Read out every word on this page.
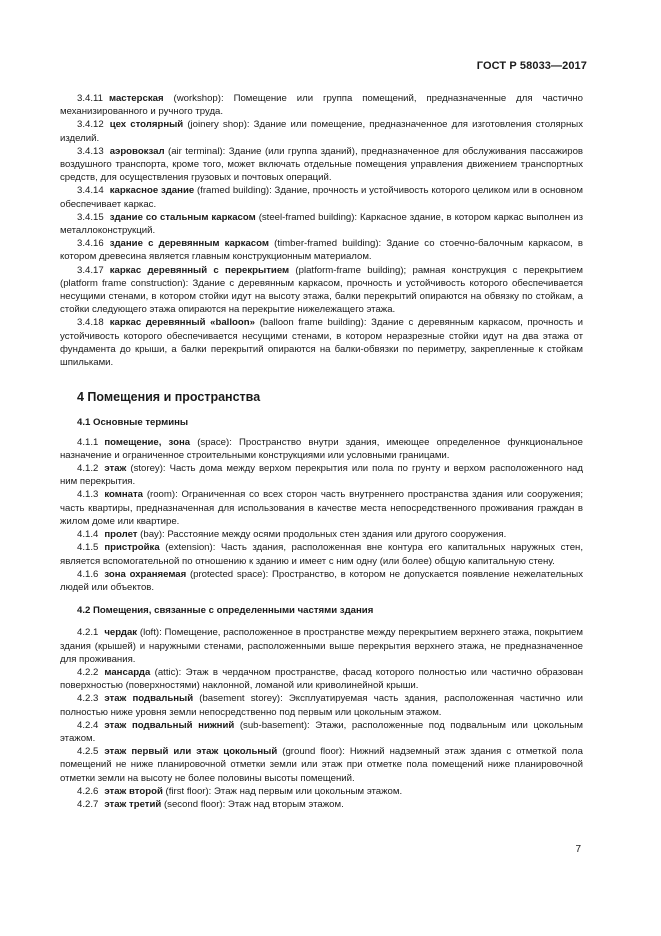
ГОСТ Р 58033—2017

3.4.11 мастерская (workshop): Помещение или группа помещений, предназначенные для частично механизированного и ручного труда.

3.4.12 цех столярный (joinery shop): Здание или помещение, предназначенное для изготовления столярных изделий.

3.4.13 аэровокзал (air terminal): Здание (или группа зданий), предназначенное для обслуживания пассажиров воздушного транспорта, кроме того, может включать отдельные помещения управления движением транспортных средств, для осуществления грузовых и почтовых операций.

3.4.14 каркасное здание (framed building): Здание, прочность и устойчивость которого целиком или в основном обеспечивает каркас.

3.4.15 здание со стальным каркасом (steel-framed building): Каркасное здание, в котором каркас выполнен из металлоконструкций.

3.4.16 здание с деревянным каркасом (timber-framed building): Здание со стоечно-балочным каркасом, в котором древесина является главным конструкционным материалом.

3.4.17 каркас деревянный с перекрытием (platform-frame building); рамная конструкция с перекрытием (platform frame construction): Здание с деревянным каркасом, прочность и устойчивость которого обеспечивается несущими стенами, в котором стойки идут на высоту этажа, балки перекрытий опираются на обвязку по стойкам, а стойки следующего этажа опираются на перекрытие нижележащего этажа.

3.4.18 каркас деревянный «balloon» (balloon frame building): Здание с деревянным каркасом, прочность и устойчивость которого обеспечивается несущими стенами, в котором неразрезные стойки идут на два этажа от фундамента до крыши, а балки перекрытий опираются на балки-обвязки по периметру, закрепленные к стойкам шпильками.

4 Помещения и пространства
4.1 Основные термины

4.1.1 помещение, зона (space): Пространство внутри здания, имеющее определенное функциональное назначение и ограниченное строительными конструкциями или условными границами.

4.1.2 этаж (storey): Часть дома между верхом перекрытия или пола по грунту и верхом расположенного над ним перекрытия.

4.1.3 комната (room): Ограниченная со всех сторон часть внутреннего пространства здания или сооружения; часть квартиры, предназначенная для использования в качестве места непосредственного проживания граждан в жилом доме или квартире.

4.1.4 пролет (bay): Расстояние между осями продольных стен здания или другого сооружения.

4.1.5 пристройка (extension): Часть здания, расположенная вне контура его капитальных наружных стен, является вспомогательной по отношению к зданию и имеет с ним одну (или более) общую капитальную стену.

4.1.6 зона охраняемая (protected space): Пространство, в котором не допускается появление нежелательных людей или объектов.

4.2 Помещения, связанные с определенными частями здания

4.2.1 чердак (loft): Помещение, расположенное в пространстве между перекрытием верхнего этажа, покрытием здания (крышей) и наружными стенами, расположенными выше перекрытия верхнего этажа, не предназначенное для проживания.

4.2.2 мансарда (attic): Этаж в чердачном пространстве, фасад которого полностью или частично образован поверхностью (поверхностями) наклонной, ломаной или криволинейной крыши.

4.2.3 этаж подвальный (basement storey): Эксплуатируемая часть здания, расположенная частично или полностью ниже уровня земли непосредственно под первым или цокольным этажом.

4.2.4 этаж подвальный нижний (sub-basement): Этажи, расположенные под подвальным или цокольным этажом.

4.2.5 этаж первый или этаж цокольный (ground floor): Нижний надземный этаж здания с отметкой пола помещений не ниже планировочной отметки земли или этаж при отметке пола помещений ниже планировочной отметки земли на высоту не более половины высоты помещений.

4.2.6 этаж второй (first floor): Этаж над первым или цокольным этажом.

4.2.7 этаж третий (second floor): Этаж над вторым этажом.

7
